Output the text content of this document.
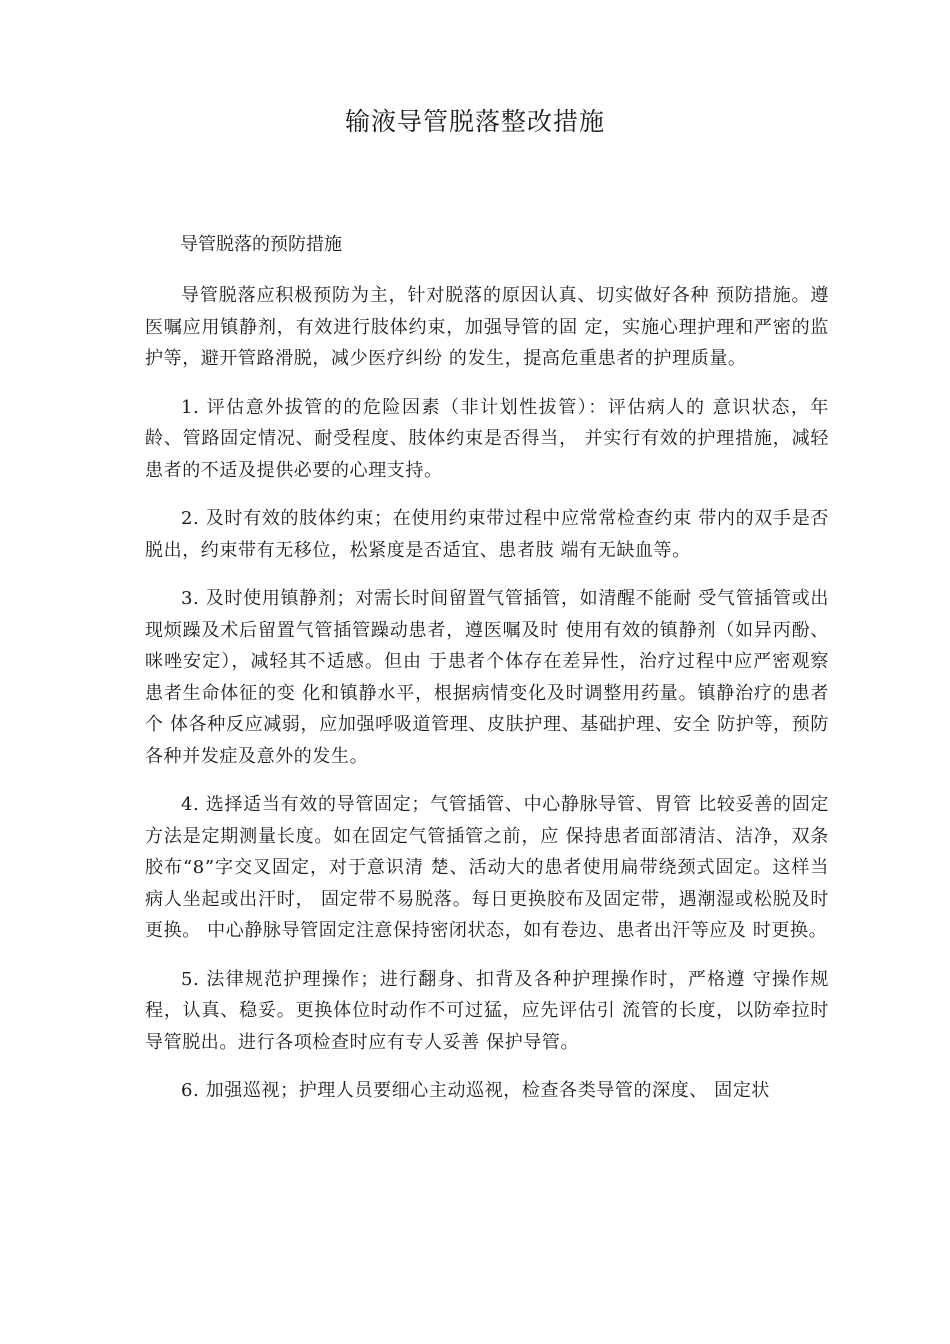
输液导管脱落整改措施
导管脱落的预防措施

导管脱落应积极预防为主，针对脱落的原因认真、切实做好各种 预防措施。遵医嘱应用镇静剂，有效进行肢体约束，加强导管的固 定，实施心理护理和严密的监护等，避开管路滑脱，减少医疗纠纷 的发生，提高危重患者的护理质量。

1. 评估意外拔管的的危险因素（非计划性拔管）：评估病人的 意识状态，年龄、管路固定情况、耐受程度、肢体约束是否得当， 并实行有效的护理措施，减轻患者的不适及提供必要的心理支持。

2. 及时有效的肢体约束；在使用约束带过程中应常常检查约束 带内的双手是否脱出，约束带有无移位，松紧度是否适宜、患者肢 端有无缺血等。

3. 及时使用镇静剂；对需长时间留置气管插管，如清醒不能耐 受气管插管或出现烦躁及术后留置气管插管躁动患者，遵医嘱及时 使用有效的镇静剂（如异丙酚、咪唑安定），减轻其不适感。但由 于患者个体存在差异性，治疗过程中应严密观察患者生命体征的变 化和镇静水平，根据病情变化及时调整用药量。镇静治疗的患者个 体各种反应减弱，应加强呼吸道管理、皮肤护理、基础护理、安全 防护等，预防各种并发症及意外的发生。

4. 选择适当有效的导管固定；气管插管、中心静脉导管、胃管 比较妥善的固定方法是定期测量长度。如在固定气管插管之前，应 保持患者面部清洁、洁净，双条胶布“8”字交叉固定，对于意识清 楚、活动大的患者使用扁带绕颈式固定。这样当病人坐起或出汗时， 固定带不易脱落。每日更换胶布及固定带，遇潮湿或松脱及时更换。 中心静脉导管固定注意保持密闭状态，如有卷边、患者出汗等应及 时更换。

5. 法律规范护理操作；进行翻身、扣背及各种护理操作时，严格遵 守操作规程，认真、稳妥。更换体位时动作不可过猛，应先评估引 流管的长度，以防牵拉时导管脱出。进行各项检查时应有专人妥善 保护导管。

6. 加强巡视；护理人员要细心主动巡视，检查各类导管的深度、 固定状
